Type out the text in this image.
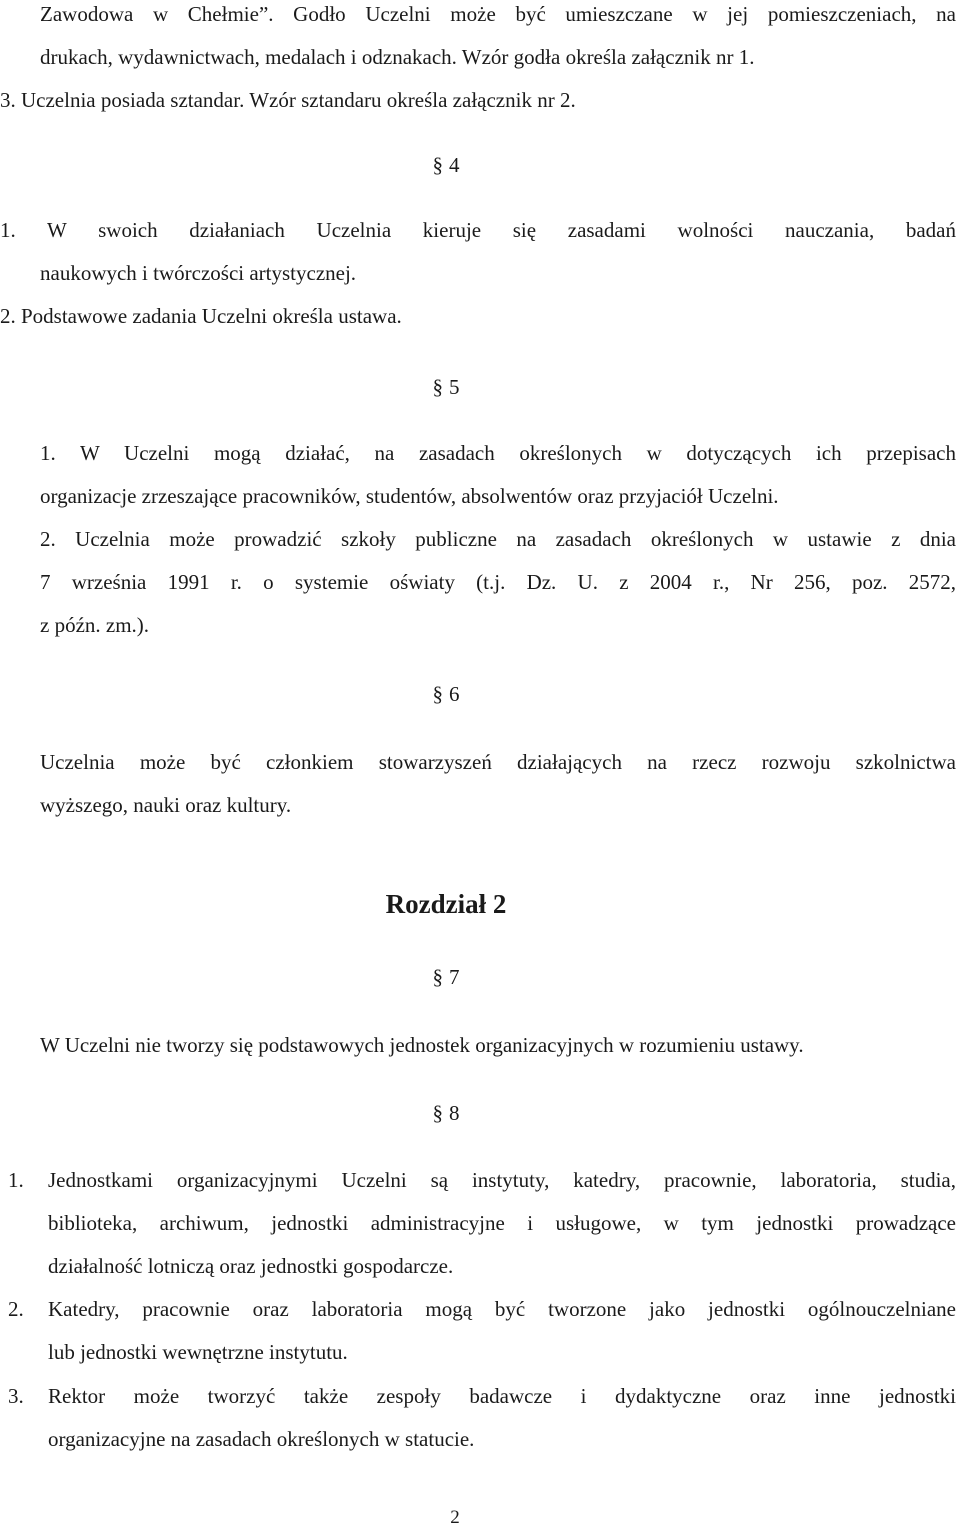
Zawodowa w Chełmie”. Godło Uczelni może być umieszczane w jej pomieszczeniach, na
drukach, wydawnictwach, medalach i odznakach. Wzór godła określa załącznik nr 1.
3. Uczelnia posiada sztandar. Wzór sztandaru określa załącznik nr 2.
§ 4
1. W swoich działaniach Uczelnia kieruje się zasadami wolności nauczania, badań
naukowych i twórczości artystycznej.
2. Podstawowe zadania Uczelni określa ustawa.
§ 5
1. W Uczelni mogą działać, na zasadach określonych w dotyczących ich przepisach
organizacje zrzeszające pracowników, studentów, absolwentów oraz przyjaciół Uczelni.
2. Uczelnia może prowadzić szkoły publiczne na zasadach określonych w ustawie z dnia
7 września 1991 r. o systemie oświaty (t.j. Dz. U. z 2004 r., Nr 256, poz. 2572,
z późn. zm.).
§ 6
Uczelnia może być członkiem stowarzyszeń działających na rzecz rozwoju szkolnictwa
wyższego, nauki oraz kultury.
Rozdział 2
§ 7
W Uczelni nie tworzy się podstawowych jednostek organizacyjnych w rozumieniu ustawy.
§ 8
1. Jednostkami organizacyjnymi Uczelni są instytuty, katedry, pracownie, laboratoria, studia,
biblioteka, archiwum, jednostki administracyjne i usługowe, w tym jednostki prowadzące
działalność lotniczą oraz jednostki gospodarcze.
2. Katedry, pracownie oraz laboratoria mogą być tworzone jako jednostki ogólnouczelniane
lub jednostki wewnętrzne instytutu.
3. Rektor może tworzyć także zespoły badawcze i dydaktyczne oraz inne jednostki
organizacyjne na zasadach określonych w statucie.
2
